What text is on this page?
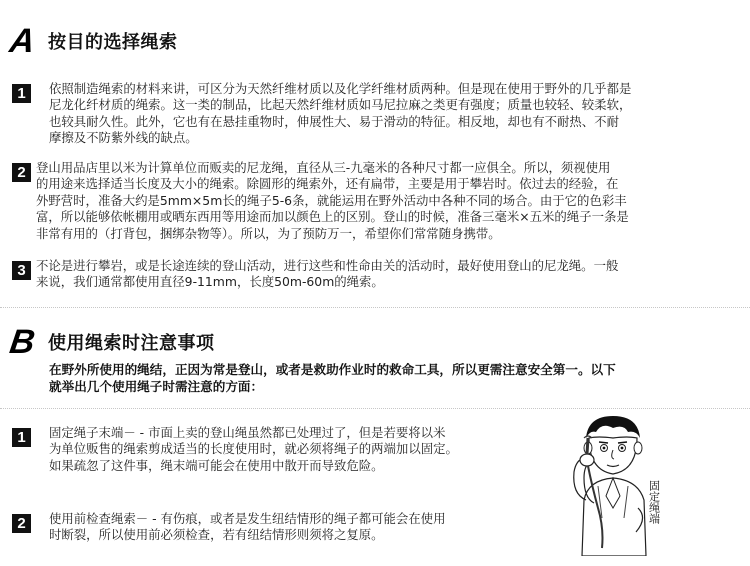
A 按目的选择绳索
1	依照制造绳索的材料来讲，可区分为天然纤维材质以及化学纤维材质两种。但是现在使用于野外的几乎都是
尼龙化纤材质的绳索。这一类的制品，比起天然纤维材质如马尼拉麻之类更有强度；质量也较轻、较柔软，
也较具耐久性。此外，它也有在悬挂重物时，伸展性大、易于滑动的特征。相反地，却也有不耐热、不耐
摩擦及不防紫外线的缺点。
2 登山用品店里以米为计算单位而贩卖的尼龙绳，直径从三-九毫米的各种尺寸都一应俱全。所以，须视使用
的用途来选择适当长度及大小的绳索。除圆形的绳索外，还有扁带，主要是用于攀岩时。依过去的经验，在
外野营时，准备大约是5mm×5m长的绳子5-6条，就能运用在野外活动中各种不同的场合。由于它的色彩丰
富，所以能够依帐棚用或晒东西用等用途而加以颜色上的区别。登山的时候，准备三毫米×五米的绳子一条是
非常有用的（打背包，捆绑杂物等）。所以，为了预防万一，希望你们常常随身携带。
3 不论是进行攀岩，或是长途连续的登山活动，进行这些和性命由关的活动时，最好使用登山的尼龙绳。一般
来说，我们通常都使用直径9-11mm，长度50m-60m的绳索。
B 使用绳索时注意事项
在野外所使用的绳结，正因为常是登山，或者是救助作业时的救命工具，所以更需注意安全第一。以下
就举出几个使用绳子时需注意的方面：
1	固定绳子末端－ - 市面上卖的登山绳虽然都已处理过了，但是若要将以米
为单位贩售的绳索剪成适当的长度使用时，就必须将绳子的两端加以固定。
如果疏忽了这件事，绳末端可能会在使用中散开而导致危险。
2	使用前检查绳索－ - 有伤痕，或者是发生纽结情形的绳子都可能会在使用
时断裂，所以使用前必须检查，若有纽结情形则须将之复原。
固定绳端
